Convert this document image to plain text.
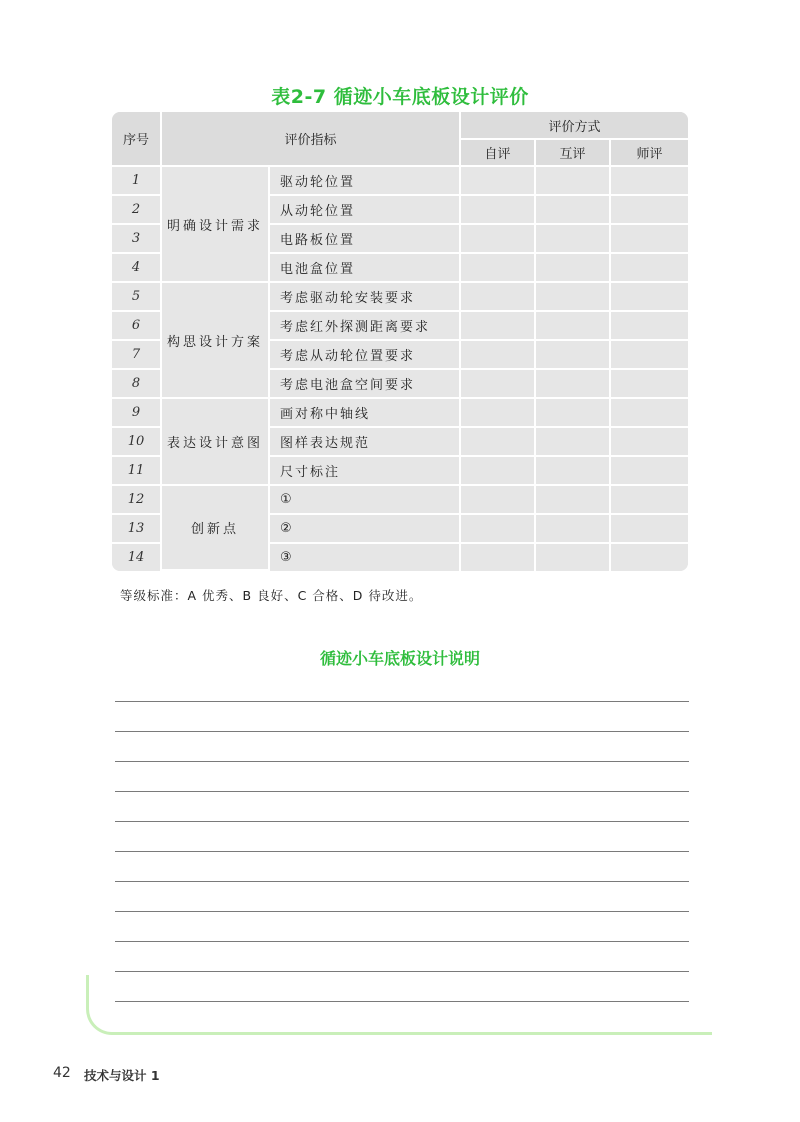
表2-7 循迹小车底板设计评价
序号	评价指标		评价方式		
			自评	互评	师评
1	明确设计需求	驱动轮位置			
2		从动轮位置			
3		电路板位置			
4		电池盒位置			
5	构思设计方案	考虑驱动轮安装要求			
6		考虑红外探测距离要求			
7		考虑从动轮位置要求			
8		考虑电池盒空间要求			
9	表达设计意图	画对称中轴线			
10		图样表达规范			
11		尺寸标注			
12	创新点	①			
13		②			
14		③			
等级标准：A 优秀、B 良好、C 合格、D 待改进。
循迹小车底板设计说明
42 技术与设计 1
